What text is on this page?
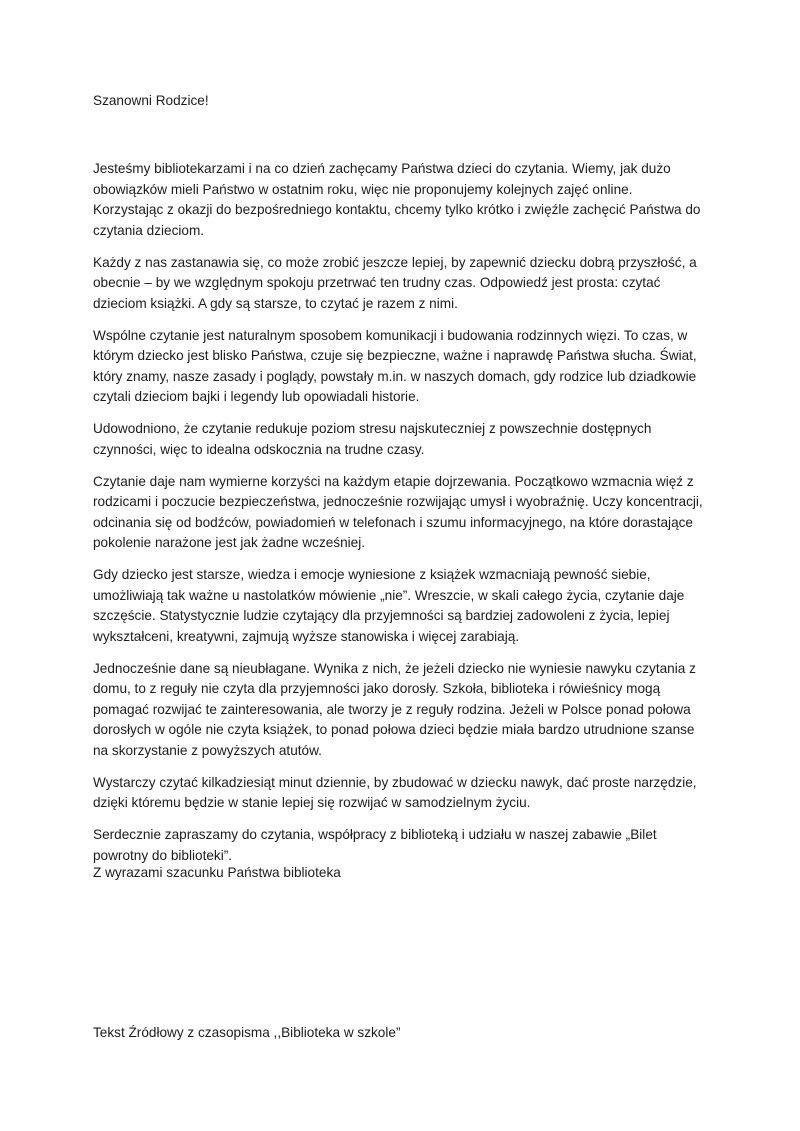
Szanowni Rodzice!
Jesteśmy bibliotekarzami i na co dzień zachęcamy Państwa dzieci do czytania. Wiemy, jak dużo
obowiązków mieli Państwo w ostatnim roku, więc nie proponujemy kolejnych zajęć online.
Korzystając z okazji do bezpośredniego kontaktu, chcemy tylko krótko i zwięźle zachęcić Państwa do
czytania dzieciom.
Każdy z nas zastanawia się, co może zrobić jeszcze lepiej, by zapewnić dziecku dobrą przyszłość, a
obecnie – by we względnym spokoju przetrwać ten trudny czas. Odpowiedź jest prosta: czytać
dzieciom książki. A gdy są starsze, to czytać je razem z nimi.
Wspólne czytanie jest naturalnym sposobem komunikacji i budowania rodzinnych więzi. To czas, w
którym dziecko jest blisko Państwa, czuje się bezpieczne, ważne i naprawdę Państwa słucha. Świat,
który znamy, nasze zasady i poglądy, powstały m.in. w naszych domach, gdy rodzice lub dziadkowie
czytali dzieciom bajki i legendy lub opowiadali historie.
Udowodniono, że czytanie redukuje poziom stresu najskuteczniej z powszechnie dostępnych
czynności, więc to idealna odskocznia na trudne czasy.
Czytanie daje nam wymierne korzyści na każdym etapie dojrzewania. Początkowo wzmacnia więź z
rodzicami i poczucie bezpieczeństwa, jednocześnie rozwijając umysł i wyobraźnię. Uczy koncentracji,
odcinania się od bodźców, powiadomień w telefonach i szumu informacyjnego, na które dorastające
pokolenie narażone jest jak żadne wcześniej.
Gdy dziecko jest starsze, wiedza i emocje wyniesione z książek wzmacniają pewność siebie,
umożliwiają tak ważne u nastolatków mówienie „nie”. Wreszcie, w skali całego życia, czytanie daje
szczęście. Statystycznie ludzie czytający dla przyjemności są bardziej zadowoleni z życia, lepiej
wykształceni, kreatywni, zajmują wyższe stanowiska i więcej zarabiają.
Jednocześnie dane są nieubłagane. Wynika z nich, że jeżeli dziecko nie wyniesie nawyku czytania z
domu, to z reguły nie czyta dla przyjemności jako dorosły. Szkoła, biblioteka i rówieśnicy mogą
pomagać rozwijać te zainteresowania, ale tworzy je z reguły rodzina. Jeżeli w Polsce ponad połowa
dorosłych w ogóle nie czyta książek, to ponad połowa dzieci będzie miała bardzo utrudnione szanse
na skorzystanie z powyższych atutów.
Wystarczy czytać kilkadziesiąt minut dziennie, by zbudować w dziecku nawyk, dać proste narzędzie,
dzięki któremu będzie w stanie lepiej się rozwijać w samodzielnym życiu.
Serdecznie zapraszamy do czytania, współpracy z biblioteką i udziału w naszej zabawie „Bilet
powrotny do biblioteki”.
Z wyrazami szacunku Państwa biblioteka
Tekst Źródłowy z czasopisma ,,Biblioteka w szkole”
